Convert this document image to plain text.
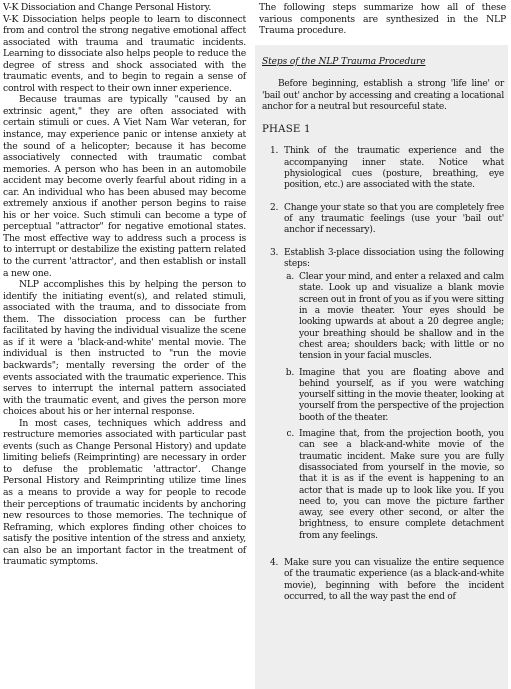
V-K Dissociation and Change Personal History.
V-K Dissociation helps people to learn to disconnect from and control the strong negative emotional affect associated with trauma and traumatic incidents. Learning to dissociate also helps people to reduce the degree of stress and shock associated with the traumatic events, and to begin to regain a sense of control with respect to their own inner experience.

Because traumas are typically "caused by an extrinsic agent," they are often associated with certain stimuli or cues. A Viet Nam War veteran, for instance, may experience panic or intense anxiety at the sound of a helicopter; because it has become associatively connected with traumatic combat memories. A person who has been in an automobile accident may become overly fearful about riding in a car. An individual who has been abused may become extremely anxious if another person begins to raise his or her voice. Such stimuli can become a type of perceptual "attractor" for negative emotional states. The most effective way to address such a process is to interrupt or destabilize the existing pattern related to the current 'attractor', and then establish or install a new one.

NLP accomplishes this by helping the person to identify the initiating event(s), and related stimuli, associated with the trauma, and to dissociate from them. The dissociation process can be further facilitated by having the individual visualize the scene as if it were a 'black-and-white' mental movie. The individual is then instructed to "run the movie backwards"; mentally reversing the order of the events associated with the traumatic experience. This serves to interrupt the internal pattern associated with the traumatic event, and gives the person more choices about his or her internal response.

In most cases, techniques which address and restructure memories associated with particular past events (such as Change Personal History) and update limiting beliefs (Reimprinting) are necessary in order to defuse the problematic 'attractor'. Change Personal History and Reimprinting utilize time lines as a means to provide a way for people to recode their perceptions of traumatic incidents by anchoring new resources to those memories. The technique of Reframing, which explores finding other choices to satisfy the positive intention of the stress and anxiety, can also be an important factor in the treatment of traumatic symptoms.

The following steps summarize how all of these various components are synthesized in the NLP Trauma procedure.

Steps of the NLP Trauma Procedure

Before beginning, establish a strong 'life line' or 'bail out' anchor by accessing and creating a locational anchor for a neutral but resourceful state.

PHASE 1
1. Think of the traumatic experience and the accompanying inner state. Notice what physiological cues (posture, breathing, eye position, etc.) are associated with the state.
2. Change your state so that you are completely free of any traumatic feelings (use your 'bail out' anchor if necessary).
3. Establish 3-place dissociation using the following steps:
a. Clear your mind, and enter a relaxed and calm state. Look up and visualize a blank movie screen out in front of you as if you were sitting in a movie theater. Your eyes should be looking upwards at about a 20 degree angle; your breathing should be shallow and in the chest area; shoulders back; with little or no tension in your facial muscles.
b. Imagine that you are floating above and behind yourself, as if you were watching yourself sitting in the movie theater, looking at yourself from the perspective of the projection booth of the theater.
c. Imagine that, from the projection booth, you can see a black-and-white movie of the traumatic incident. Make sure you are fully disassociated from yourself in the movie, so that it is as if the event is happening to an actor that is made up to look like you. If you need to, you can move the picture farther away, see every other second, or alter the brightness, to ensure complete detachment from any feelings.
4. Make sure you can visualize the entire sequence of the traumatic experience (as a black-and-white movie), beginning with before the incident occurred, to all the way past the end of
